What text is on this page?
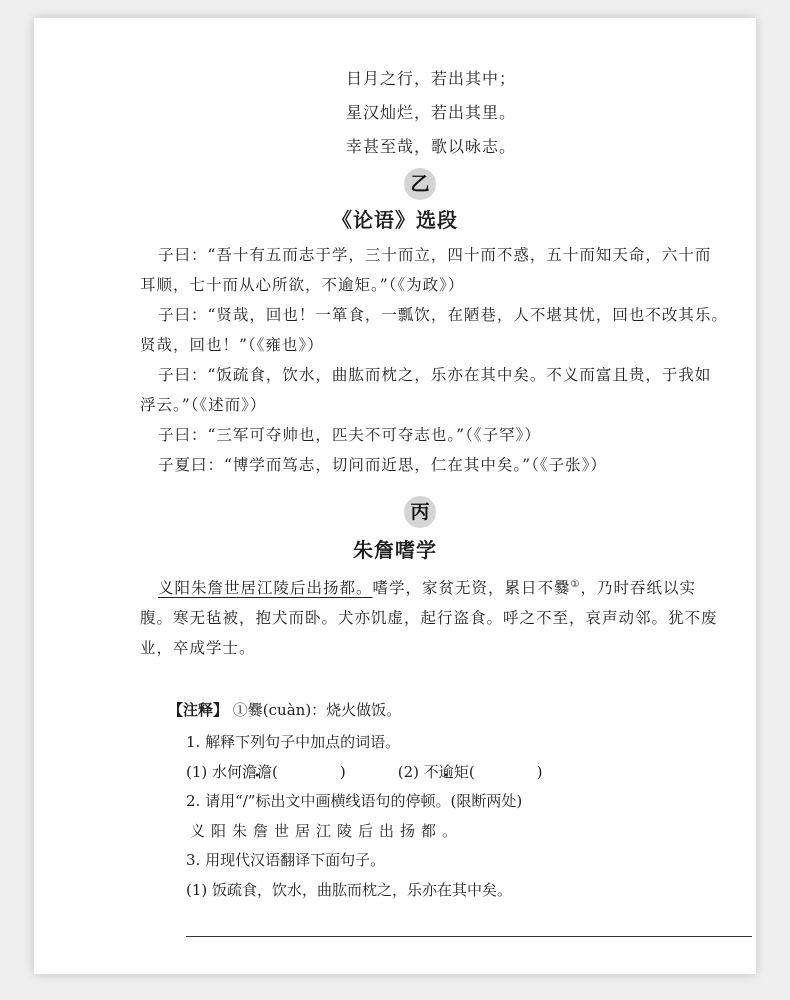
日月之行，若出其中；
星汉灿烂，若出其里。
幸甚至哉，歌以咏志。
乙
《论语》选段
子曰：“吾十有五而志于学，三十而立，四十而不惑，五十而知天命，六十而
耳顺，七十而从心所欲，不逾矩。”（《为政》）
子曰：“贤哉，回也！一箪食，一瓢饮，在陋巷，人不堪其忧，回也不改其乐。
贤哉，回也！”（《雍也》）
子曰：“饭疏食，饮水，曲肱而枕之，乐亦在其中矣。不义而富且贵，于我如
浮云。”（《述而》）
子曰：“三军可夺帅也，匹夫不可夺志也。”（《子罕》）
子夏曰：“博学而笃志，切问而近思，仁在其中矣。”（《子张》）
丙
朱詹嗜学
义阳朱詹世居江陵后出扬都。嗜学，家贫无资，累日不爨①，乃时吞纸以实
腹。寒无毡被，抱犬而卧。犬亦饥虚，起行盗食。呼之不至，哀声动邻。犹不废
业，卒成学士。
【注释】 ①爨(cuàn)：烧火做饭。
1. 解释下列句子中加点的词语。
(1) 水何澹澹(	)	(2) 不逾矩(	)
2. 请用“/”标出文中画横线语句的停顿。(限断两处)
义阳朱詹世居江陵后出扬都。
3. 用现代汉语翻译下面句子。
(1) 饭疏食，饮水，曲肱而枕之，乐亦在其中矣。
